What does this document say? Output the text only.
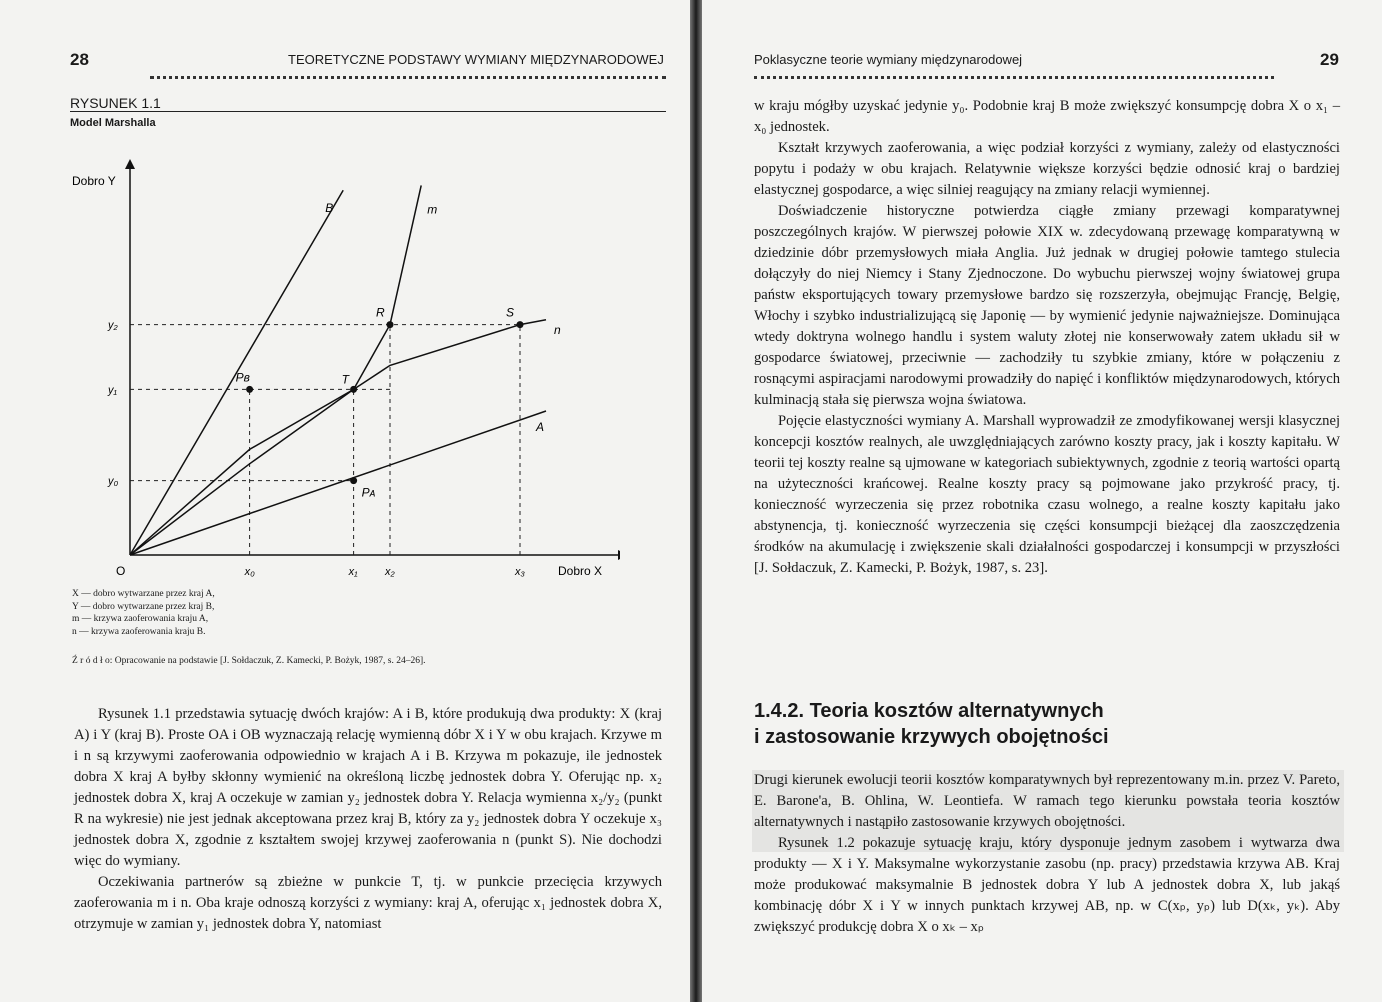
28	TEORETYCZNE PODSTAWY WYMIANY MIĘDZYNARODOWEJ
RYSUNEK 1.1
Model Marshalla
Dobro Y
Dobro X
O	x₀	x₁ x₂	x₃
y₀
y₁
y₂
A
m
n
B
R	S
T
Pв
Pᴀ
X — dobro wytwarzane przez kraj A,
Y — dobro wytwarzane przez kraj B,
m — krzywa zaoferowania kraju A,
n — krzywa zaoferowania kraju B.
Ź r ó d ł o: Opracowanie na podstawie [J. Sołdaczuk, Z. Kamecki, P. Bożyk, 1987, s. 24–26].

Rysunek 1.1 przedstawia sytuację dwóch krajów: A i B, które produkują dwa produkty: X (kraj A) i Y (kraj B). Proste OA i OB wyznaczają relację wymienną dóbr X i Y w obu krajach. Krzywe m i n są krzywymi zaoferowania odpowiednio w krajach A i B. Krzywa m pokazuje, ile jednostek dobra X kraj A byłby skłonny wymienić na określoną liczbę jednostek dobra Y. Oferując np. x₂ jednostek dobra X, kraj A oczekuje w zamian y₂ jednostek dobra Y. Relacja wymienna x₂/y₂ (punkt R na wykresie) nie jest jednak akceptowana przez kraj B, który za y₂ jednostek dobra Y oczekuje x₃ jednostek dobra X, zgodnie z kształtem swojej krzywej zaoferowania n (punkt S). Nie dochodzi więc do wymiany.

Oczekiwania partnerów są zbieżne w punkcie T, tj. w punkcie przecięcia krzywych zaoferowania m i n. Oba kraje odnoszą korzyści z wymiany: kraj A, oferując x₁ jednostek dobra X, otrzymuje w zamian y₁ jednostek dobra Y, natomiast

Poklasyczne teorie wymiany międzynarodowej	29

w kraju mógłby uzyskać jedynie y₀. Podobnie kraj B może zwiększyć konsumpcję dobra X o x₁ – x₀ jednostek.

Kształt krzywych zaoferowania, a więc podział korzyści z wymiany, zależy od elastyczności popytu i podaży w obu krajach. Relatywnie większe korzyści będzie odnosić kraj o bardziej elastycznej gospodarce, a więc silniej reagujący na zmiany relacji wymiennej.

Doświadczenie historyczne potwierdza ciągłe zmiany przewagi komparatywnej poszczególnych krajów. W pierwszej połowie XIX w. zdecydowaną przewagę komparatywną w dziedzinie dóbr przemysłowych miała Anglia. Już jednak w drugiej połowie tamtego stulecia dołączyły do niej Niemcy i Stany Zjednoczone. Do wybuchu pierwszej wojny światowej grupa państw eksportujących towary przemysłowe bardzo się rozszerzyła, obejmując Francję, Belgię, Włochy i szybko industrializującą się Japonię — by wymienić jedynie najważniejsze. Dominująca wtedy doktryna wolnego handlu i system waluty złotej nie konserwowały zatem układu sił w gospodarce światowej, przeciwnie — zachodziły tu szybkie zmiany, które w połączeniu z rosnącymi aspiracjami narodowymi prowadziły do napięć i konfliktów międzynarodowych, których kulminacją stała się pierwsza wojna światowa.

Pojęcie elastyczności wymiany A. Marshall wyprowadził ze zmodyfikowanej wersji klasycznej koncepcji kosztów realnych, ale uwzględniających zarówno koszty pracy, jak i koszty kapitału. W teorii tej koszty realne są ujmowane w kategoriach subiektywnych, zgodnie z teorią wartości opartą na użyteczności krańcowej. Realne koszty pracy są pojmowane jako przykrość pracy, tj. konieczność wyrzeczenia się przez robotnika czasu wolnego, a realne koszty kapitału jako abstynencja, tj. konieczność wyrzeczenia się części konsumpcji bieżącej dla zaoszczędzenia środków na akumulację i zwiększenie skali działalności gospodarczej i konsumpcji w przyszłości [J. Sołdaczuk, Z. Kamecki, P. Bożyk, 1987, s. 23].

1.4.2. Teoria kosztów alternatywnych
i zastosowanie krzywych obojętności

Drugi kierunek ewolucji teorii kosztów komparatywnych był reprezentowany m.in. przez V. Pareto, E. Barone'a, B. Ohlina, W. Leontiefa. W ramach tego kierunku powstała teoria kosztów alternatywnych i nastąpiło zastosowanie krzywych obojętności.

Rysunek 1.2 pokazuje sytuację kraju, który dysponuje jednym zasobem i wytwarza dwa produkty — X i Y. Maksymalne wykorzystanie zasobu (np. pracy) przedstawia krzywa AB. Kraj może produkować maksymalnie B jednostek dobra Y lub A jednostek dobra X, lub jakąś kombinację dóbr X i Y w innych punktach krzywej AB, np. w C(xₚ, yₚ) lub D(xₖ, yₖ). Aby zwiększyć produkcję dobra X o xₖ – xₚ
